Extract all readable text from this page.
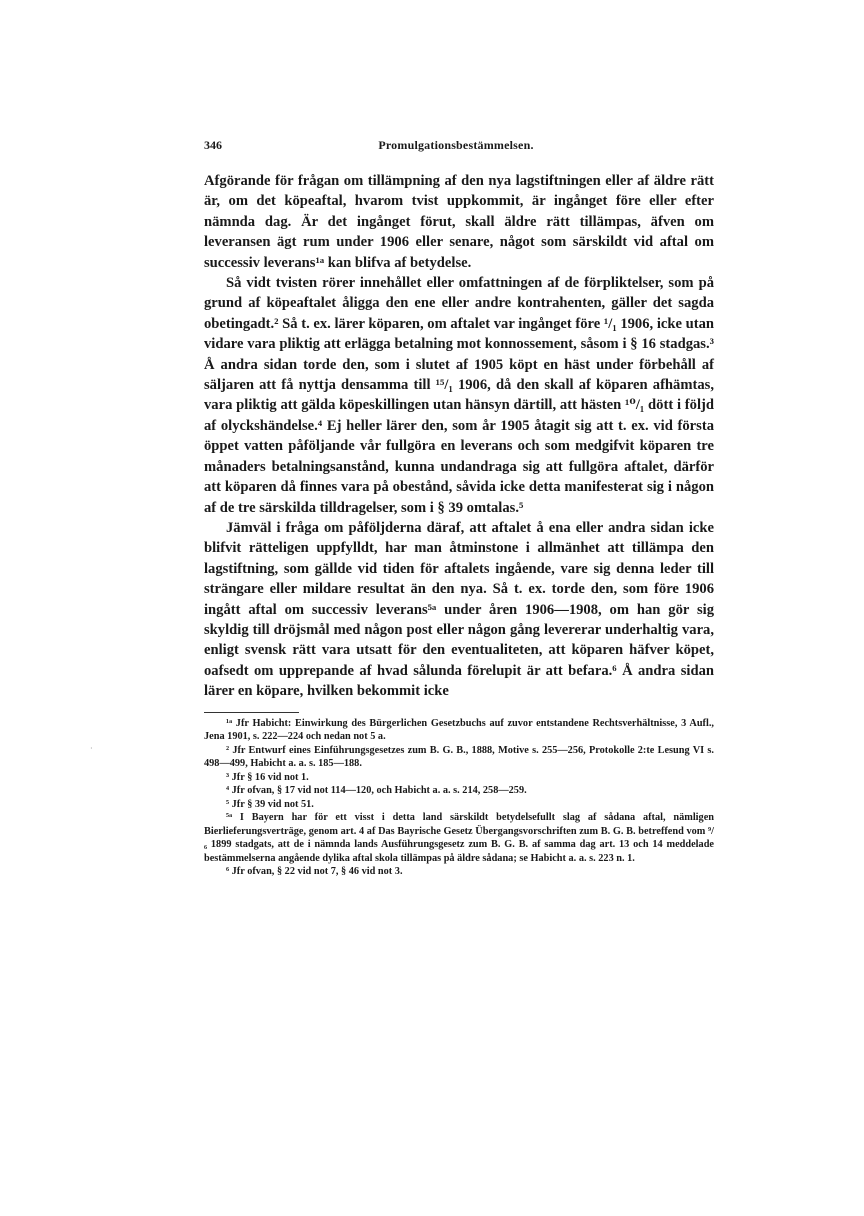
346	Promulgationsbestämmelsen.

Afgörande för frågan om tillämpning af den nya lagstiftningen eller af äldre rätt är, om det köpeaftal, hvarom tvist uppkommit, är ingånget före eller efter nämnda dag. Är det ingånget förut, skall äldre rätt tillämpas, äfven om leveransen ägt rum under 1906 eller senare, något som särskildt vid aftal om successiv leverans¹ᵃ kan blifva af betydelse.

Så vidt tvisten rörer innehållet eller omfattningen af de förpliktelser, som på grund af köpeaftalet åligga den ene eller andre kontrahenten, gäller det sagda obetingadt.² Så t. ex. lärer köparen, om aftalet var ingånget före ¹/₁ 1906, icke utan vidare vara pliktig att erlägga betalning mot konnossement, såsom i § 16 stadgas.³ Å andra sidan torde den, som i slutet af 1905 köpt en häst under förbehåll af säljaren att få nyttja densamma till ¹⁵/₁ 1906, då den skall af köparen afhämtas, vara pliktig att gälda köpeskillingen utan hänsyn därtill, att hästen ¹⁰/₁ dött i följd af olyckshändelse.⁴ Ej heller lärer den, som år 1905 åtagit sig att t. ex. vid första öppet vatten påföljande vår fullgöra en leverans och som medgifvit köparen tre månaders betalningsanstånd, kunna undandraga sig att fullgöra aftalet, därför att köparen då finnes vara på obestånd, såvida icke detta manifesterat sig i någon af de tre särskilda tilldragelser, som i § 39 omtalas.⁵

Jämväl i fråga om påföljderna däraf, att aftalet å ena eller andra sidan icke blifvit rätteligen uppfylldt, har man åtminstone i allmänhet att tillämpa den lagstiftning, som gällde vid tiden för aftalets ingående, vare sig denna leder till strängare eller mildare resultat än den nya. Så t. ex. torde den, som före 1906 ingått aftal om successiv leverans⁵ᵃ under åren 1906—1908, om han gör sig skyldig till dröjsmål med någon post eller någon gång levererar underhaltig vara, enligt svensk rätt vara utsatt för den eventualiteten, att köparen häfver köpet, oafsedt om upprepande af hvad sålunda förelupit är att befara.⁶ Å andra sidan lärer en köpare, hvilken bekommit icke

¹ᵃ Jfr Habicht: Einwirkung des Bürgerlichen Gesetzbuchs auf zuvor entstandene Rechtsverhältnisse, 3 Aufl., Jena 1901, s. 222—224 och nedan not 5 a.

² Jfr Entwurf eines Einführungsgesetzes zum B. G. B., 1888, Motive s. 255—256, Protokolle 2:te Lesung VI s. 498—499, Habicht a. a. s. 185—188.

³ Jfr § 16 vid not 1.

⁴ Jfr ofvan, § 17 vid not 114—120, och Habicht a. a. s. 214, 258—259.

⁵ Jfr § 39 vid not 51.

⁵ᵃ I Bayern har för ett visst i detta land särskildt betydelsefullt slag af sådana aftal, nämligen Bierlieferungsverträge, genom art. 4 af Das Bayrische Gesetz Übergangsvorschriften zum B. G. B. betreffend vom ⁹/₆ 1899 stadgats, att de i nämnda lands Ausführungsgesetz zum B. G. B. af samma dag art. 13 och 14 meddelade bestämmelserna angående dylika aftal skola tillämpas på äldre sådana; se Habicht a. a. s. 223 n. 1.

⁶ Jfr ofvan, § 22 vid not 7, § 46 vid not 3.

·
